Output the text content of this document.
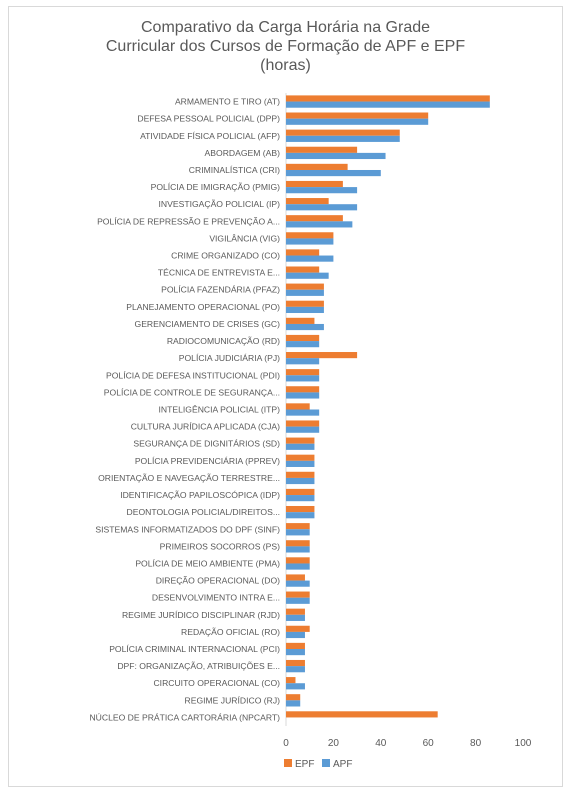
Comparativo da Carga Horária na Grade
Curricular dos Cursos de Formação de APF e EPF
(horas)
ARMAMENTO E TIRO (AT)
DEFESA PESSOAL POLICIAL (DPP)
ATIVIDADE FÍSICA POLICIAL (AFP)
ABORDAGEM (AB)
CRIMINALÍSTICA (CRI)
POLÍCIA DE IMIGRAÇÃO (PMIG)
INVESTIGAÇÃO POLICIAL (IP)
POLÍCIA DE REPRESSÃO E PREVENÇÃO A...
VIGILÂNCIA (VIG)
CRIME ORGANIZADO (CO)
TÉCNICA DE ENTREVISTA E...
POLÍCIA FAZENDÁRIA (PFAZ)
PLANEJAMENTO OPERACIONAL (PO)
GERENCIAMENTO DE CRISES (GC)
RADIOCOMUNICAÇÃO (RD)
POLÍCIA JUDICIÁRIA (PJ)
POLÍCIA DE DEFESA INSTITUCIONAL (PDI)
POLÍCIA DE CONTROLE DE SEGURANÇA...
INTELIGÊNCIA POLICIAL (ITP)
CULTURA JURÍDICA APLICADA (CJA)
SEGURANÇA DE DIGNITÁRIOS (SD)
POLÍCIA PREVIDENCIÁRIA (PPREV)
ORIENTAÇÃO E NAVEGAÇÃO TERRESTRE...
IDENTIFICAÇÃO PAPILOSCÓPICA (IDP)
DEONTOLOGIA POLICIAL/DIREITOS...
SISTEMAS INFORMATIZADOS DO DPF (SINF)
PRIMEIROS SOCORROS (PS)
POLÍCIA DE MEIO AMBIENTE (PMA)
DIREÇÃO OPERACIONAL (DO)
DESENVOLVIMENTO INTRA E...
REGIME JURÍDICO DISCIPLINAR (RJD)
REDAÇÃO OFICIAL (RO)
POLÍCIA CRIMINAL INTERNACIONAL (PCI)
DPF: ORGANIZAÇÃO, ATRIBUIÇÕES E...
CIRCUITO OPERACIONAL (CO)
REGIME JURÍDICO (RJ)
NÚCLEO DE PRÁTICA CARTORÁRIA (NPCART)
0	20	40	60	80	100
EPF APF
